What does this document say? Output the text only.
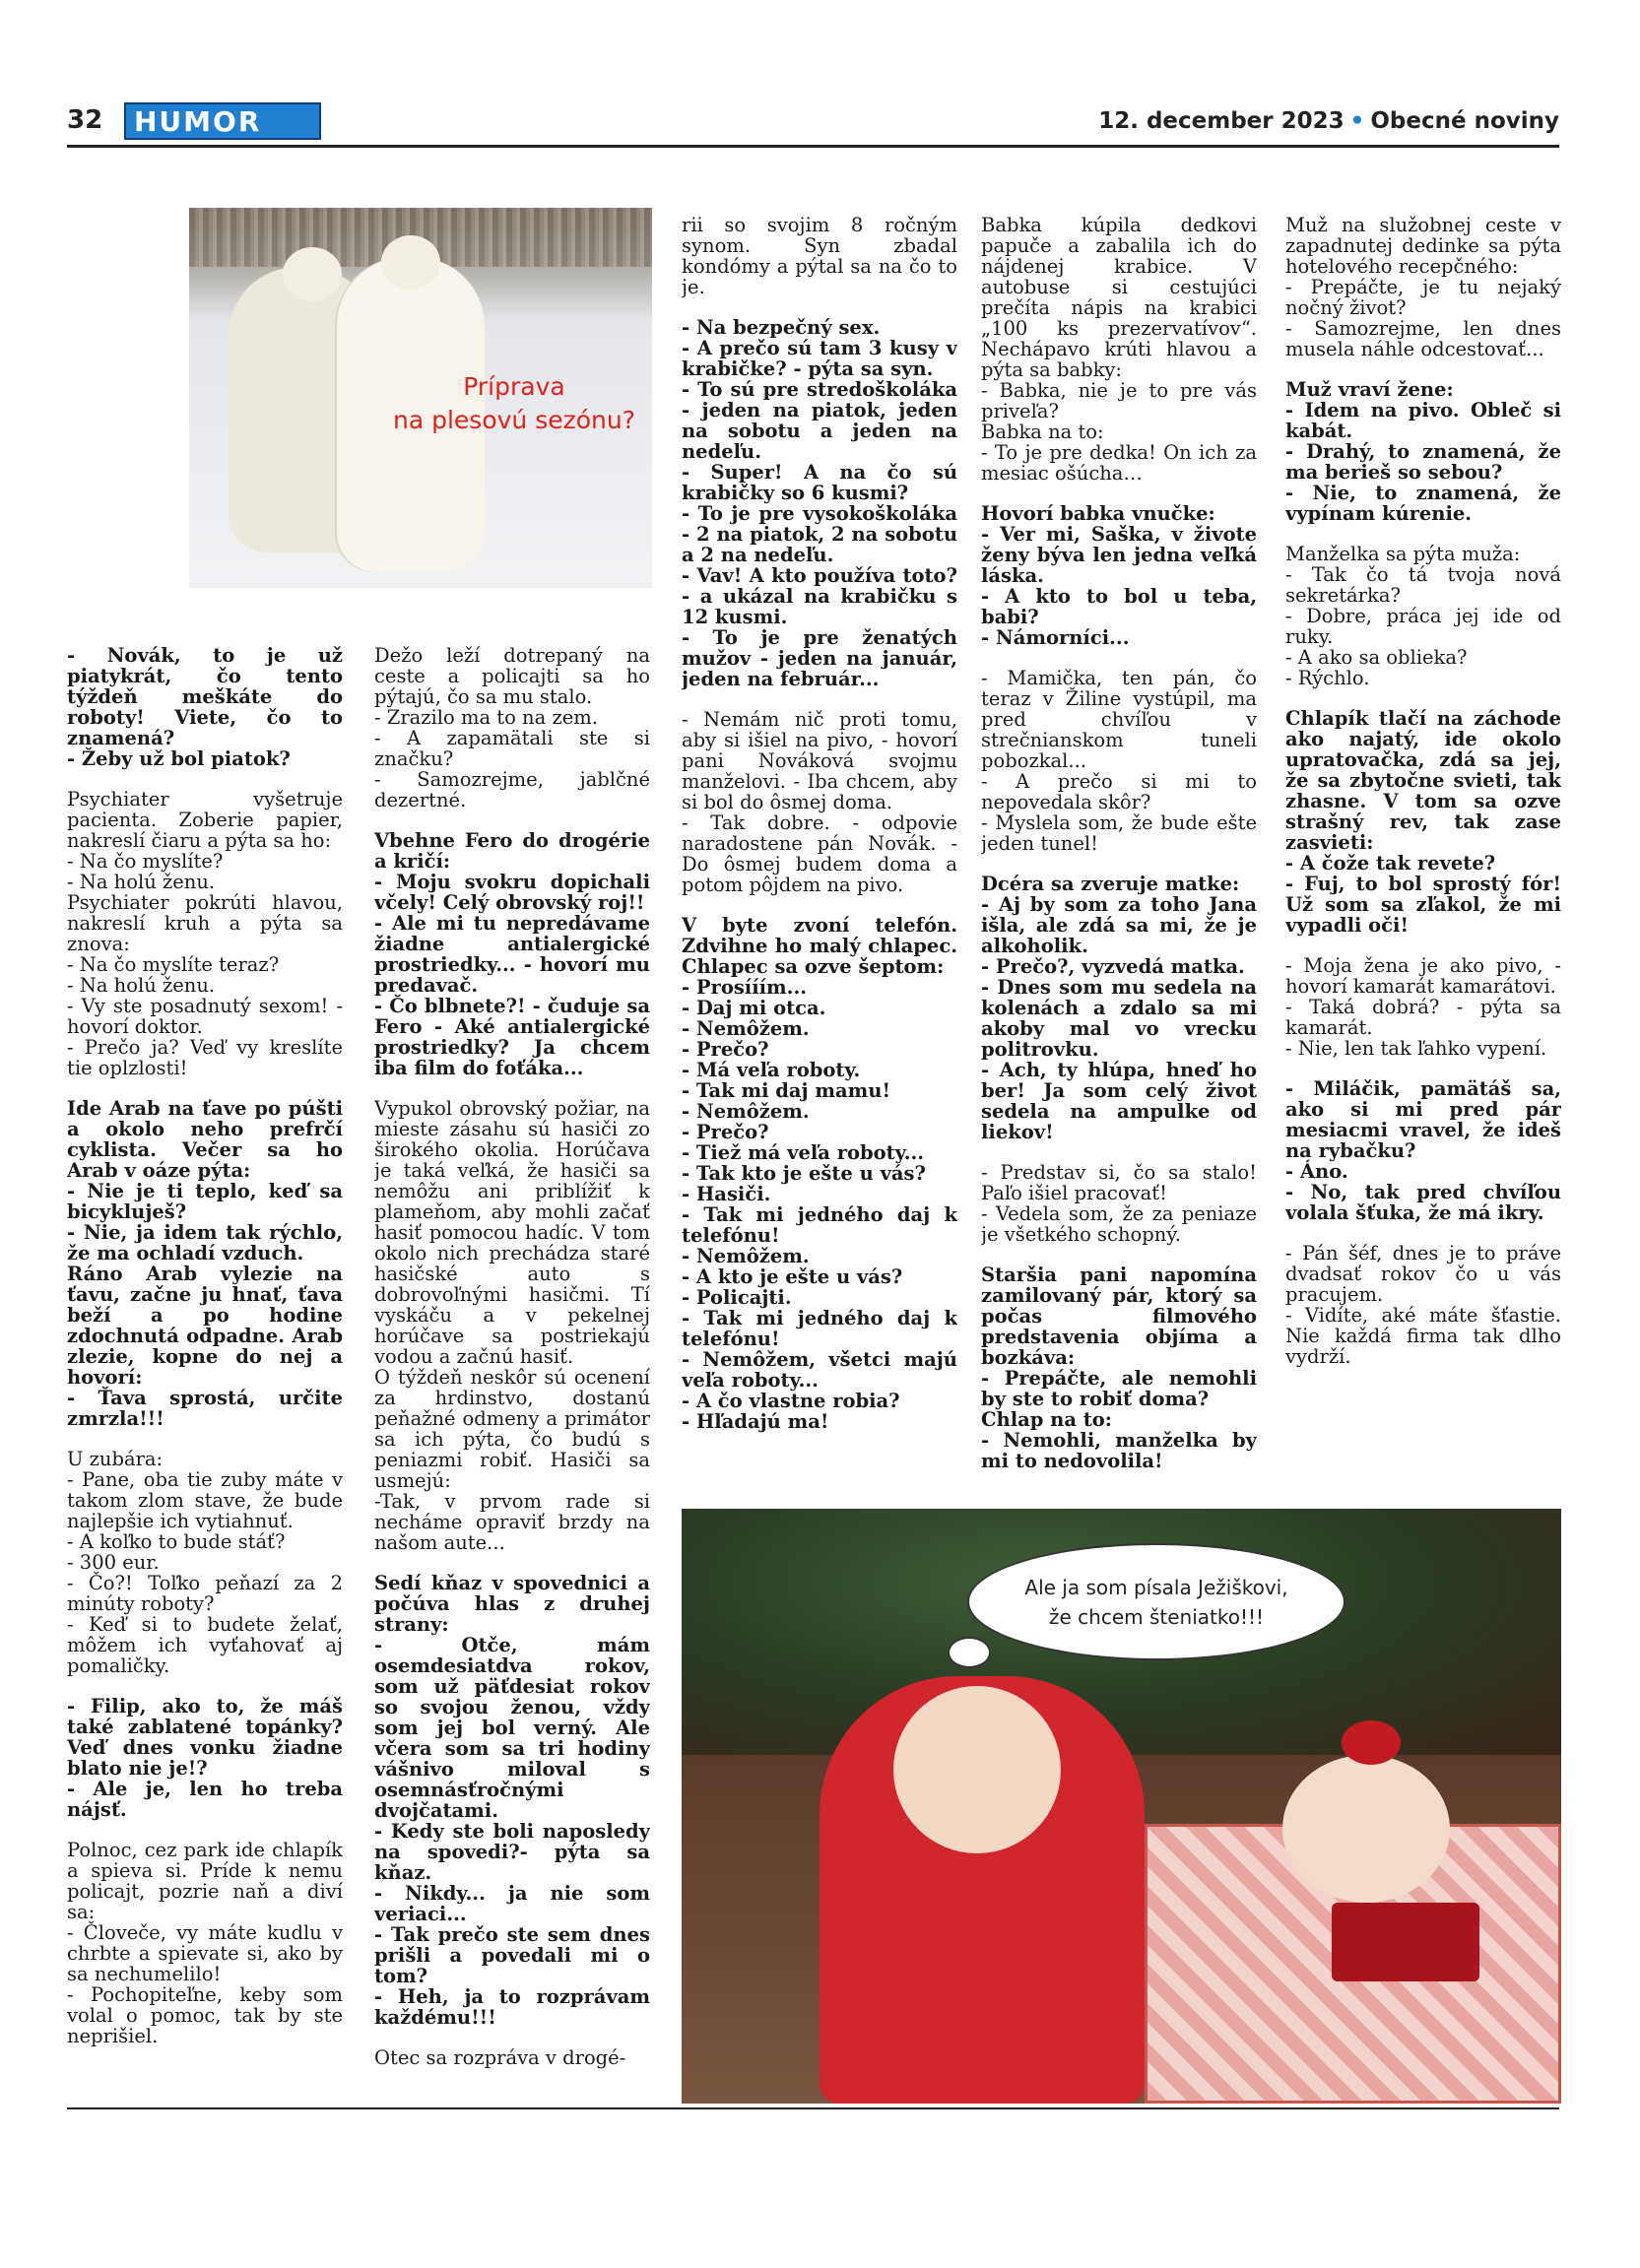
32	HUMOR	12. december 2023 • Obecné noviny
Príprava
na plesovú sezónu?
Ale ja som písala Ježiškovi,
že chcem šteniatko!!!

- Novák, to je už piatykrát, čo tento týždeň meškáte do roboty! Viete, čo to znamená?
- Žeby už bol piatok?

Psychiater vyšetruje pacienta. Zoberie papier, nakreslí čiaru a pýta sa ho:
- Na čo myslíte?
- Na holú ženu.
Psychiater pokrúti hlavou, nakreslí kruh a pýta sa znova:
- Na čo myslíte teraz?
- Na holú ženu.
- Vy ste posadnutý sexom! - hovorí doktor.
- Prečo ja? Veď vy kreslíte tie oplzlosti!

Ide Arab na ťave po púšti a okolo neho prefrčí cyklista. Večer sa ho Arab v oáze pýta:
- Nie je ti teplo, keď sa bicykluješ?
- Nie, ja idem tak rýchlo, že ma ochladí vzduch.
Ráno Arab vylezie na ťavu, začne ju hnať, ťava beží a po hodine zdochnutá odpadne. Arab zlezie, kopne do nej a hovorí:
- Ťava sprostá, určite zmrzla!!!

U zubára:
- Pane, oba tie zuby máte v takom zlom stave, že bude najlepšie ich vytiahnuť.
- A koľko to bude stáť?
- 300 eur.
- Čo?! Toľko peňazí za 2 minúty roboty?
- Keď si to budete želať, môžem ich vyťahovať aj pomaličky.

- Filip, ako to, že máš také zablatené topánky? Veď dnes vonku žiadne blato nie je!?
- Ale je, len ho treba nájsť.

Polnoc, cez park ide chlapík a spieva si. Príde k nemu policajt, pozrie naň a diví sa:
- Človeče, vy máte kudlu v chrbte a spievate si, ako by sa nechumelilo!
- Pochopiteľne, keby som volal o pomoc, tak by ste neprišiel.

Dežo leží dotrepaný na ceste a policajti sa ho pýtajú, čo sa mu stalo.
- Zrazilo ma to na zem.
- A zapamätali ste si značku?
- Samozrejme, jablčné dezertné.

Vbehne Fero do drogérie a kričí:
- Moju svokru dopichali včely! Celý obrovský roj!!
- Ale mi tu nepredávame žiadne antialergické prostriedky... - hovorí mu predavač.
- Čo blbnete?! - čuduje sa Fero - Aké antialergické prostriedky? Ja chcem iba film do foťáka...

Vypukol obrovský požiar, na mieste zásahu sú hasiči zo širokého okolia. Horúčava je taká veľká, že hasiči sa nemôžu ani priblížiť k plameňom, aby mohli začať hasiť pomocou hadíc. V tom okolo nich prechádza staré hasičské auto s dobrovoľnými hasičmi. Tí vyskáču a v pekelnej horúčave sa postriekajú vodou a začnú hasiť.
O týždeň neskôr sú ocenení za hrdinstvo, dostanú peňažné odmeny a primátor sa ich pýta, čo budú s peniazmi robiť. Hasiči sa usmejú:
-Tak, v prvom rade si necháme opraviť brzdy na našom aute...

Sedí kňaz v spovednici a počúva hlas z druhej strany:
- Otče, mám osemdesiatdva rokov, som už päťdesiat rokov so svojou ženou, vždy som jej bol verný. Ale včera som sa tri hodiny vášnivo miloval s osemnásťročnými dvojčatami.
- Kedy ste boli naposledy na spovedi?- pýta sa kňaz.
- Nikdy... ja nie som veriaci...
- Tak prečo ste sem dnes prišli a povedali mi o tom?
- Heh, ja to rozprávam každému!!!

Otec sa rozpráva v drogé-

rii so svojim 8 ročným synom. Syn zbadal kondómy a pýtal sa na čo to je.

- Na bezpečný sex.
- A prečo sú tam 3 kusy v krabičke? - pýta sa syn.
- To sú pre stredoškoláka - jeden na piatok, jeden na sobotu a jeden na nedeľu.
- Super! A na čo sú krabičky so 6 kusmi?
- To je pre vysokoškoláka - 2 na piatok, 2 na sobotu a 2 na nedeľu.
- Vav! A kto používa toto? - a ukázal na krabičku s 12 kusmi.
- To je pre ženatých mužov - jeden na január, jeden na február...

- Nemám nič proti tomu, aby si išiel na pivo, - hovorí pani Nováková svojmu manželovi. - Iba chcem, aby si bol do ôsmej doma.
- Tak dobre. - odpovie naradostene pán Novák. - Do ôsmej budem doma a potom pôjdem na pivo.

V byte zvoní telefón. Zdvihne ho malý chlapec. Chlapec sa ozve šeptom:
- Prosííím...
- Daj mi otca.
- Nemôžem.
- Prečo?
- Má veľa roboty.
- Tak mi daj mamu!
- Nemôžem.
- Prečo?
- Tiež má veľa roboty...
- Tak kto je ešte u vás?
- Hasiči.
- Tak mi jedného daj k telefónu!
- Nemôžem.
- A kto je ešte u vás?
- Policajti.
- Tak mi jedného daj k telefónu!
- Nemôžem, všetci majú veľa roboty...
- A čo vlastne robia?
- Hľadajú ma!

Babka kúpila dedkovi papuče a zabalila ich do nájdenej krabice. V autobuse si cestujúci prečíta nápis na krabici „100 ks prezervatívov“. Nechápavo krúti hlavou a pýta sa babky:
- Babka, nie je to pre vás priveľa?
Babka na to:
- To je pre dedka! On ich za mesiac ošúcha…

Hovorí babka vnučke:
- Ver mi, Saška, v živote ženy býva len jedna veľká láska.
- A kto to bol u teba, babi?
- Námorníci...

- Mamička, ten pán, čo teraz v Žiline vystúpil, ma pred chvíľou v strečnianskom tuneli pobozkal...
- A prečo si mi to nepovedala skôr?
- Myslela som, že bude ešte jeden tunel!

Dcéra sa zveruje matke:
- Aj by som za toho Jana išla, ale zdá sa mi, že je alkoholik.
- Prečo?, vyzvedá matka.
- Dnes som mu sedela na kolenách a zdalo sa mi akoby mal vo vrecku politrovku.
- Ach, ty hlúpa, hneď ho ber! Ja som celý život sedela na ampulke od liekov!

- Predstav si, čo sa stalo! Paľo išiel pracovať!
- Vedela som, že za peniaze je všetkého schopný.

Staršia pani napomína zamilovaný pár, ktorý sa počas filmového predstavenia objíma a bozkáva:
- Prepáčte, ale nemohli by ste to robiť doma?
Chlap na to:
- Nemohli, manželka by mi to nedovolila!

Muž na služobnej ceste v zapadnutej dedinke sa pýta hotelového recepčného:
- Prepáčte, je tu nejaký nočný život?
- Samozrejme, len dnes musela náhle odcestovať...

Muž vraví žene:
- Idem na pivo. Obleč si kabát.
- Drahý, to znamená, že ma berieš so sebou?
- Nie, to znamená, že vypínam kúrenie.

Manželka sa pýta muža:
- Tak čo tá tvoja nová sekretárka?
- Dobre, práca jej ide od ruky.
- A ako sa oblieka?
- Rýchlo.

Chlapík tlačí na záchode ako najatý, ide okolo upratovačka, zdá sa jej, že sa zbytočne svieti, tak zhasne. V tom sa ozve strašný rev, tak zase zasvieti:
- A čože tak revete?
- Fuj, to bol sprostý fór! Už som sa zľakol, že mi vypadli oči!

- Moja žena je ako pivo, - hovorí kamarát kamarátovi.
- Taká dobrá? - pýta sa kamarát.
- Nie, len tak ľahko vypení.

- Miláčik, pamätáš sa, ako si mi pred pár mesiacmi vravel, že ideš na rybačku?
- Áno.
- No, tak pred chvíľou volala šťuka, že má ikry.

- Pán šéf, dnes je to práve dvadsať rokov čo u vás pracujem.
- Vidíte, aké máte šťastie. Nie každá firma tak dlho vydrží.
